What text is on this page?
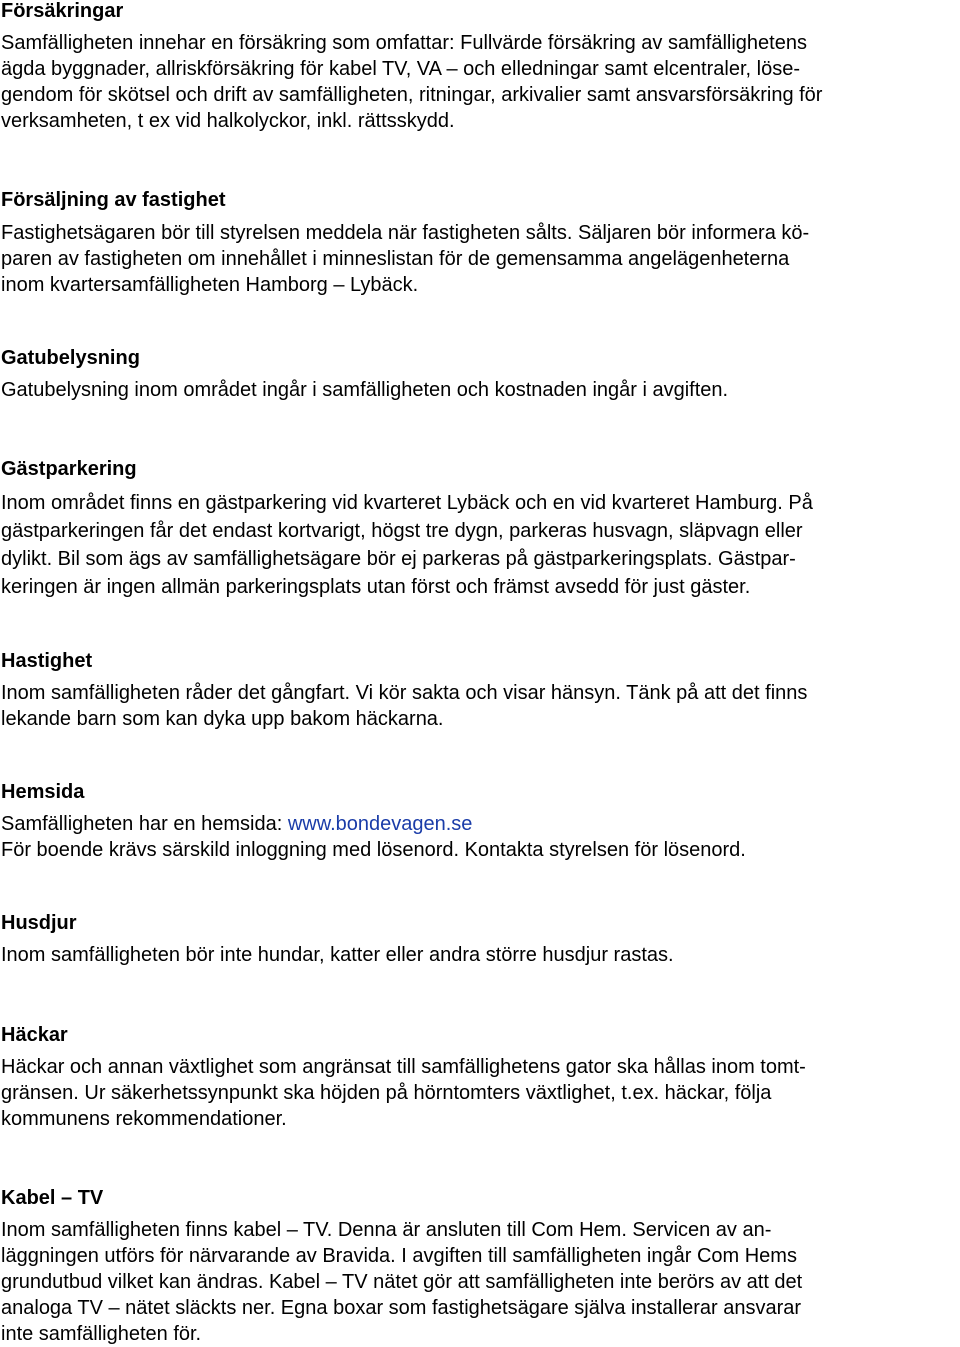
Försäkringar
Samfälligheten innehar en försäkring som omfattar: Fullvärde försäkring av samfällighetens
ägda byggnader, allriskförsäkring för kabel TV, VA – och elledningar samt elcentraler, löse-
gendom för skötsel och drift av samfälligheten, ritningar, arkivalier samt ansvarsförsäkring för
verksamheten, t ex vid halkolyckor, inkl. rättsskydd.
Försäljning av fastighet
Fastighetsägaren bör till styrelsen meddela när fastigheten sålts. Säljaren bör informera kö-
paren av fastigheten om innehållet i minneslistan för de gemensamma angelägenheterna
inom kvartersamfälligheten Hamborg – Lybäck.
Gatubelysning
Gatubelysning inom området ingår i samfälligheten och kostnaden ingår i avgiften.
Gästparkering
Inom området finns en gästparkering vid kvarteret Lybäck och en vid kvarteret Hamburg. På
gästparkeringen får det endast kortvarigt, högst tre dygn, parkeras husvagn, släpvagn eller
dylikt. Bil som ägs av samfällighetsägare bör ej parkeras på gästparkeringsplats. Gästpar-
keringen är ingen allmän parkeringsplats utan först och främst avsedd för just gäster.
Hastighet
Inom samfälligheten råder det gångfart. Vi kör sakta och visar hänsyn. Tänk på att det finns
lekande barn som kan dyka upp bakom häckarna.
Hemsida
Samfälligheten har en hemsida: www.bondevagen.se
För boende krävs särskild inloggning med lösenord. Kontakta styrelsen för lösenord.
Husdjur
Inom samfälligheten bör inte hundar, katter eller andra större husdjur rastas.
Häckar
Häckar och annan växtlighet som angränsat till samfällighetens gator ska hållas inom tomt-
gränsen. Ur säkerhetssynpunkt ska höjden på hörntomters växtlighet, t.ex. häckar, följa
kommunens rekommendationer.
Kabel – TV
Inom samfälligheten finns kabel – TV. Denna är ansluten till Com Hem. Servicen av an-
läggningen utförs för närvarande av Bravida. I avgiften till samfälligheten ingår Com Hems
grundutbud vilket kan ändras. Kabel – TV nätet gör att samfälligheten inte berörs av att det
analoga TV – nätet släckts ner. Egna boxar som fastighetsägare själva installerar ansvarar
inte samfälligheten för.
